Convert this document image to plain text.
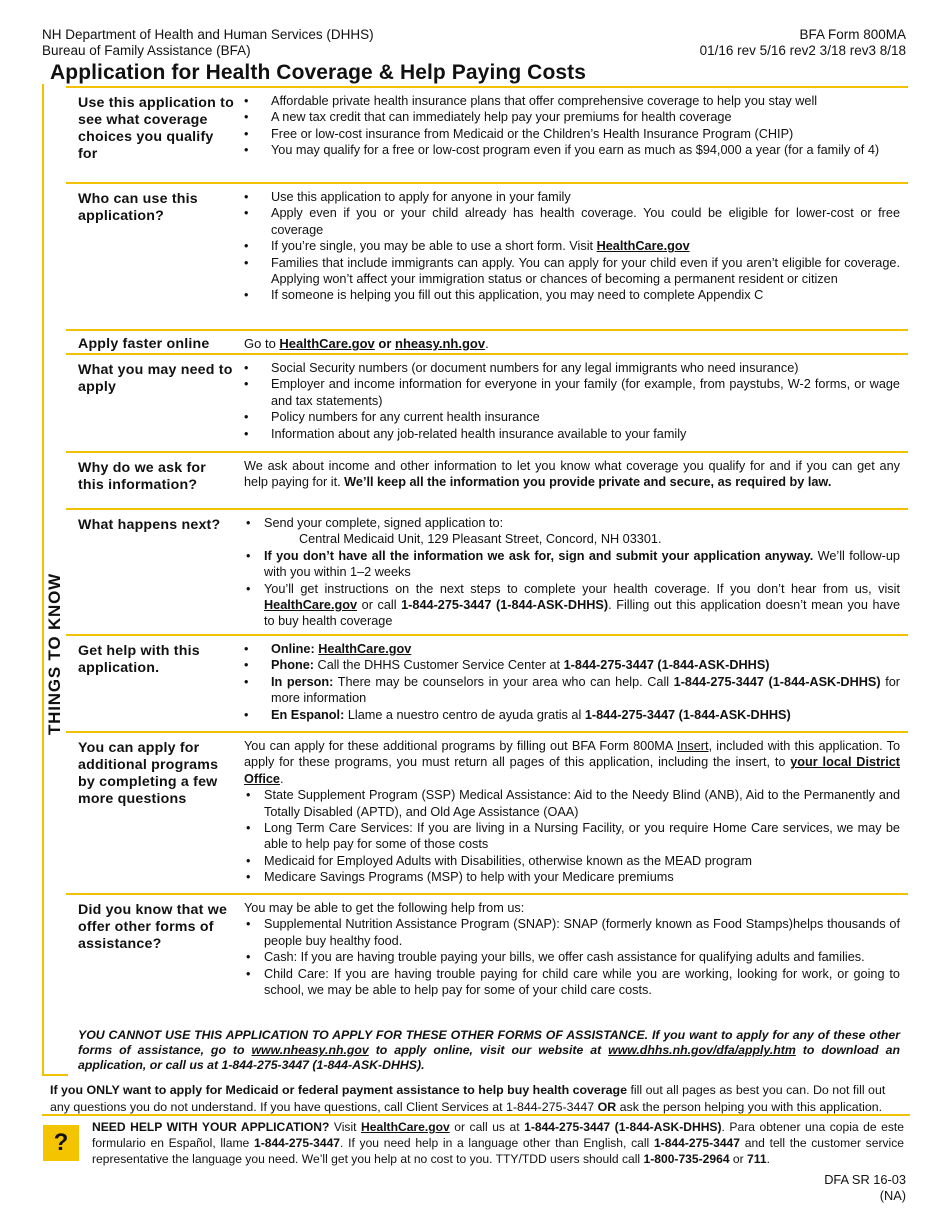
NH Department of Health and Human Services (DHHS)
Bureau of Family Assistance (BFA)
BFA Form 800MA
01/16 rev 5/16 rev2 3/18 rev3 8/18
Application for Health Coverage & Help Paying Costs
THINGS TO KNOW
Use this application to see what coverage choices you qualify for
• Affordable private health insurance plans that offer comprehensive coverage to help you stay well
• A new tax credit that can immediately help pay your premiums for health coverage
• Free or low-cost insurance from Medicaid or the Children’s Health Insurance Program (CHIP)
• You may qualify for a free or low-cost program even if you earn as much as $94,000 a year (for a family of 4)
Who can use this application?
• Use this application to apply for anyone in your family
• Apply even if you or your child already has health coverage. You could be eligible for lower-cost or free coverage
• If you’re single, you may be able to use a short form. Visit HealthCare.gov
• Families that include immigrants can apply. You can apply for your child even if you aren’t eligible for coverage. Applying won’t affect your immigration status or chances of becoming a permanent resident or citizen
• If someone is helping you fill out this application, you may need to complete Appendix C
Apply faster online	Go to HealthCare.gov or nheasy.nh.gov.
What you may need to apply
• Social Security numbers (or document numbers for any legal immigrants who need insurance)
• Employer and income information for everyone in your family (for example, from paystubs, W-2 forms, or wage and tax statements)
• Policy numbers for any current health insurance
• Information about any job-related health insurance available to your family
Why do we ask for this information?

We ask about income and other information to let you know what coverage you qualify for and if you can get any help paying for it. We’ll keep all the information you provide private and secure, as required by law.

What happens next?
•	Send your complete, signed application to:
Central Medicaid Unit, 129 Pleasant Street, Concord, NH 03301.
• If you don’t have all the information we ask for, sign and submit your application anyway. We’ll follow-up with you within 1–2 weeks
• You’ll get instructions on the next steps to complete your health coverage. If you don’t hear from us, visit HealthCare.gov or call 1-844-275-3447 (1-844-ASK-DHHS). Filling out this application doesn’t mean you have to buy health coverage
Get help with this application.
• Online: HealthCare.gov
• Phone: Call the DHHS Customer Service Center at 1-844-275-3447 (1-844-ASK-DHHS)
• In person: There may be counselors in your area who can help. Call 1-844-275-3447 (1-844-ASK-DHHS) for more information
• En Espanol: Llame a nuestro centro de ayuda gratis al 1-844-275-3447 (1-844-ASK-DHHS)
You can apply for additional programs by completing a few more questions

You can apply for these additional programs by filling out BFA Form 800MA Insert, included with this application. To apply for these programs, you must return all pages of this application, including the insert, to your local District Office.

• State Supplement Program (SSP) Medical Assistance: Aid to the Needy Blind (ANB), Aid to the Permanently and Totally Disabled (APTD), and Old Age Assistance (OAA)
• Long Term Care Services: If you are living in a Nursing Facility, or you require Home Care services, we may be able to help pay for some of those costs
• Medicaid for Employed Adults with Disabilities, otherwise known as the MEAD program
• Medicare Savings Programs (MSP) to help with your Medicare premiums
Did you know that we offer other forms of assistance?

You may be able to get the following help from us:

• Supplemental Nutrition Assistance Program (SNAP): SNAP (formerly known as Food Stamps)helps thousands of people buy healthy food.
• Cash: If you are having trouble paying your bills, we offer cash assistance for qualifying adults and families.
• Child Care: If you are having trouble paying for child care while you are working, looking for work, or going to school, we may be able to help pay for some of your child care costs.
YOU CANNOT USE THIS APPLICATION TO APPLY FOR THESE OTHER FORMS OF ASSISTANCE. If you want to apply for any of these other forms of assistance, go to www.nheasy.nh.gov to apply online, visit our website at www.dhhs.nh.gov/dfa/apply.htm to download an application, or call us at 1-844-275-3447 (1-844-ASK-DHHS).
If you ONLY want to apply for Medicaid or federal payment assistance to help buy health coverage fill out all pages as best you can. Do not fill out any questions you do not understand. If you have questions, call Client Services at 1-844-275-3447 OR ask the person helping you with this application.
?
NEED HELP WITH YOUR APPLICATION? Visit HealthCare.gov or call us at 1-844-275-3447 (1-844-ASK-DHHS). Para obtener una copia de este formulario en Español, llame 1-844-275-3447. If you need help in a language other than English, call 1-844-275-3447 and tell the customer service representative the language you need. We’ll get you help at no cost to you. TTY/TDD users should call 1-800-735-2964 or 711.
DFA SR 16-03
(NA)
